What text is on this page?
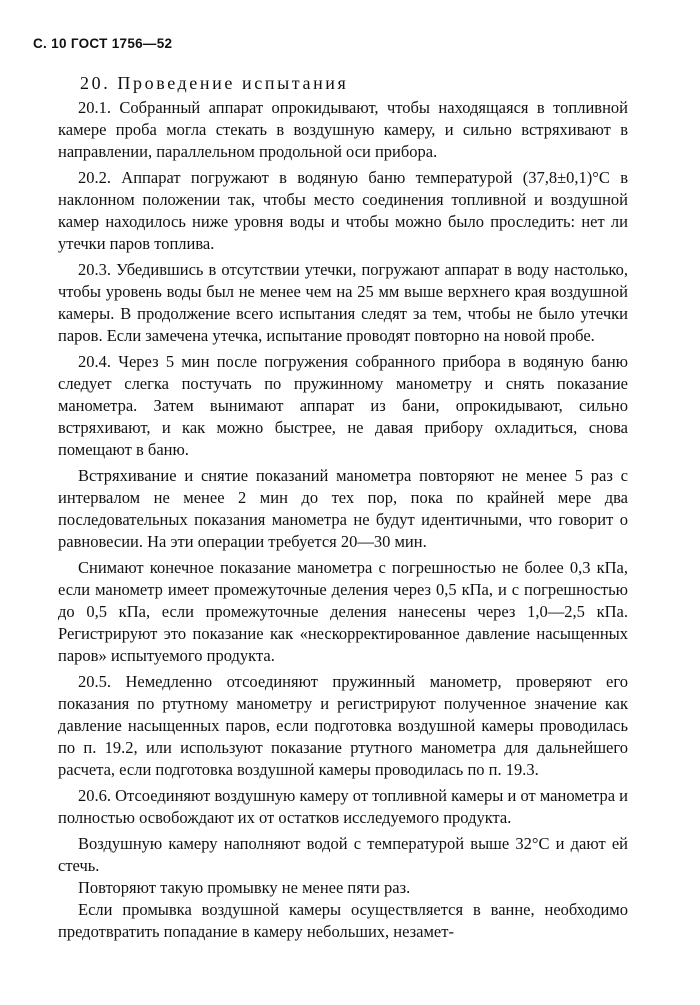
С. 10 ГОСТ 1756—52
20. Проведение испытания

20.1. Собранный аппарат опрокидывают, чтобы находящаяся в топливной камере проба могла стекать в воздушную камеру, и сильно встряхивают в направлении, параллельном продольной оси прибора.

20.2. Аппарат погружают в водяную баню температурой (37,8±0,1)°С в наклонном положении так, чтобы место соединения топливной и воздушной камер находилось ниже уровня воды и чтобы можно было проследить: нет ли утечки паров топлива.

20.3. Убедившись в отсутствии утечки, погружают аппарат в воду настолько, чтобы уровень воды был не менее чем на 25 мм выше верхнего края воздушной камеры. В продолжение всего испытания следят за тем, чтобы не было утечки паров. Если замечена утечка, испытание проводят повторно на новой пробе.

20.4. Через 5 мин после погружения собранного прибора в водяную баню следует слегка постучать по пружинному манометру и снять показание манометра. Затем вынимают аппарат из бани, опрокидывают, сильно встряхивают, и как можно быстрее, не давая прибору охладиться, снова помещают в баню.

Встряхивание и снятие показаний манометра повторяют не менее 5 раз с интервалом не менее 2 мин до тех пор, пока по крайней мере два последовательных показания манометра не будут идентичными, что говорит о равновесии. На эти операции требуется 20—30 мин.

Снимают конечное показание манометра с погрешностью не более 0,3 кПа, если манометр имеет промежуточные деления через 0,5 кПа, и с погрешностью до 0,5 кПа, если промежуточные деления нанесены через 1,0—2,5 кПа. Регистрируют это показание как «нескорректированное давление насыщенных паров» испытуемого продукта.

20.5. Немедленно отсоединяют пружинный манометр, проверяют его показания по ртутному манометру и регистрируют полученное значение как давление насыщенных паров, если подготовка воздушной камеры проводилась по п. 19.2, или используют показание ртутного манометра для дальнейшего расчета, если подготовка воздушной камеры проводилась по п. 19.3.

20.6. Отсоединяют воздушную камеру от топливной камеры и от манометра и полностью освобождают их от остатков исследуемого продукта.

Воздушную камеру наполняют водой с температурой выше 32°С и дают ей стечь.

Повторяют такую промывку не менее пяти раз.

Если промывка воздушной камеры осуществляется в ванне, необходимо предотвратить попадание в камеру небольших, незамет-
